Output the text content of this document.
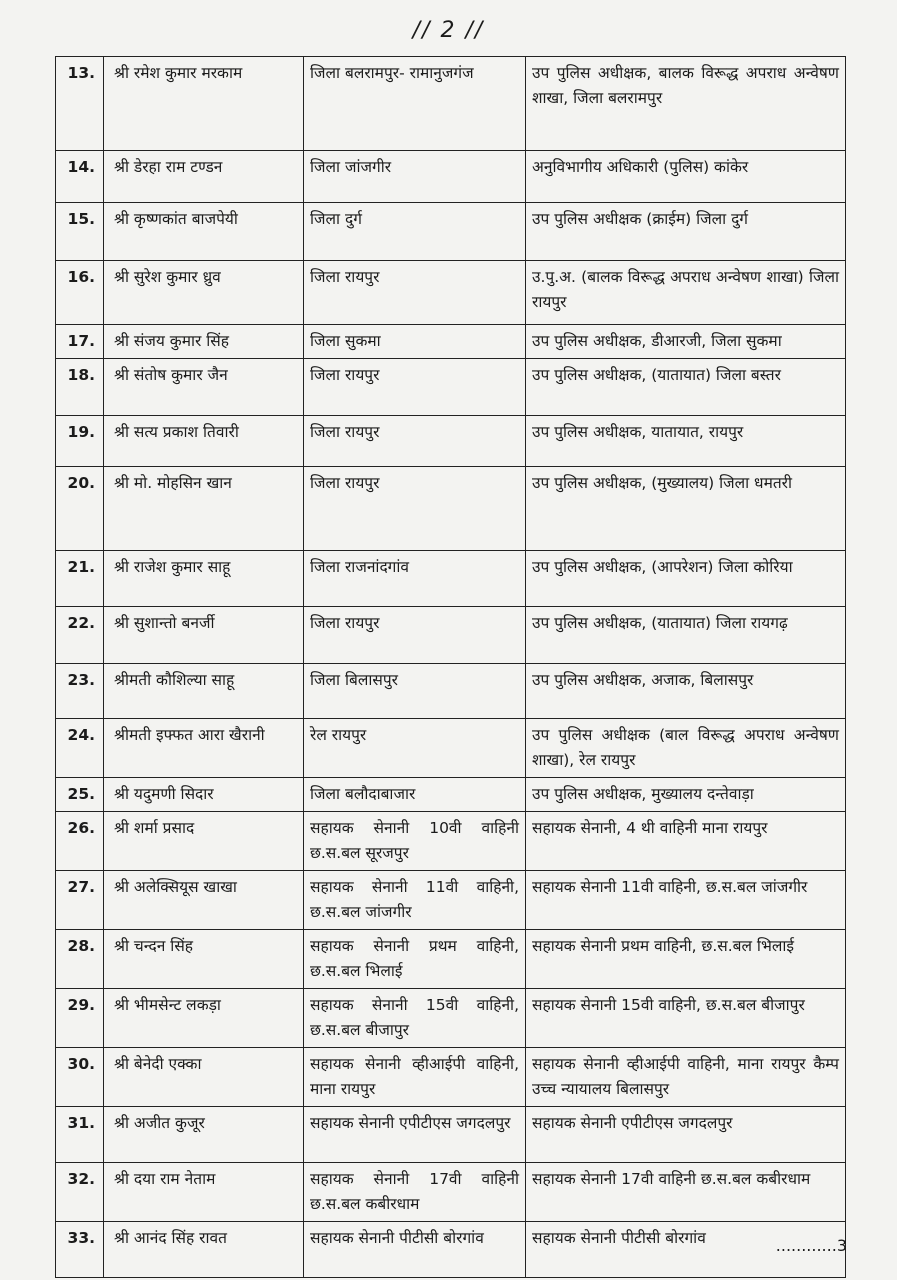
// 2 //
13.	श्री रमेश कुमार मरकाम	जिला बलरामपुर- रामानुजगंज	उप पुलिस अधीक्षक, बालक विरूद्ध अपराध अन्वेषण शाखा, जिला बलरामपुर
14.	श्री डेरहा राम टण्डन	जिला जांजगीर	अनुविभागीय अधिकारी (पुलिस) कांकेर
15.	श्री कृष्णकांत बाजपेयी	जिला दुर्ग	उप पुलिस अधीक्षक (क्राईम) जिला दुर्ग
16.	श्री सुरेश कुमार ध्रुव	जिला रायपुर	उ.पु.अ. (बालक विरूद्ध अपराध अन्वेषण शाखा) जिला रायपुर
17.	श्री संजय कुमार सिंह	जिला सुकमा	उप पुलिस अधीक्षक, डीआरजी, जिला सुकमा
18.	श्री संतोष कुमार जैन	जिला रायपुर	उप पुलिस अधीक्षक, (यातायात) जिला बस्तर
19.	श्री सत्य प्रकाश तिवारी	जिला रायपुर	उप पुलिस अधीक्षक, यातायात, रायपुर
20.	श्री मो. मोहसिन खान	जिला रायपुर	उप पुलिस अधीक्षक, (मुख्यालय) जिला धमतरी
21.	श्री राजेश कुमार साहू	जिला राजनांदगांव	उप पुलिस अधीक्षक, (आपरेशन) जिला कोरिया
22.	श्री सुशान्तो बनर्जी	जिला रायपुर	उप पुलिस अधीक्षक, (यातायात) जिला रायगढ़
23.	श्रीमती कौशिल्या साहू	जिला बिलासपुर	उप पुलिस अधीक्षक, अजाक, बिलासपुर
24.	श्रीमती इफ्फत आरा खैरानी	रेल रायपुर	उप पुलिस अधीक्षक (बाल विरूद्ध अपराध अन्वेषण शाखा), रेल रायपुर
25.	श्री यदुमणी सिदार	जिला बलौदाबाजार	उप पुलिस अधीक्षक, मुख्यालय दन्तेवाड़ा
26.	श्री शर्मा प्रसाद	सहायक सेनानी 10वी वाहिनी छ.स.बल सूरजपुर	सहायक सेनानी, 4 थी वाहिनी माना रायपुर
27.	श्री अलेक्सियूस खाखा	सहायक सेनानी 11वी वाहिनी, छ.स.बल जांजगीर	सहायक सेनानी 11वी वाहिनी, छ.स.बल जांजगीर
28.	श्री चन्दन सिंह	सहायक सेनानी प्रथम वाहिनी, छ.स.बल भिलाई	सहायक सेनानी प्रथम वाहिनी, छ.स.बल भिलाई
29.	श्री भीमसेन्ट लकड़ा	सहायक सेनानी 15वी वाहिनी, छ.स.बल बीजापुर	सहायक सेनानी 15वी वाहिनी, छ.स.बल बीजापुर
30.	श्री बेनेदी एक्का	सहायक सेनानी व्हीआईपी वाहिनी, माना रायपुर	सहायक सेनानी व्हीआईपी वाहिनी, माना रायपुर कैम्प उच्च न्यायालय बिलासपुर
31.	श्री अजीत कुजूर	सहायक सेनानी एपीटीएस जगदलपुर	सहायक सेनानी एपीटीएस जगदलपुर
32.	श्री दया राम नेताम	सहायक सेनानी 17वी वाहिनी छ.स.बल कबीरधाम	सहायक सेनानी 17वी वाहिनी छ.स.बल कबीरधाम
33.	श्री आनंद सिंह रावत	सहायक सेनानी पीटीसी बोरगांव	सहायक सेनानी पीटीसी बोरगांव	............3
